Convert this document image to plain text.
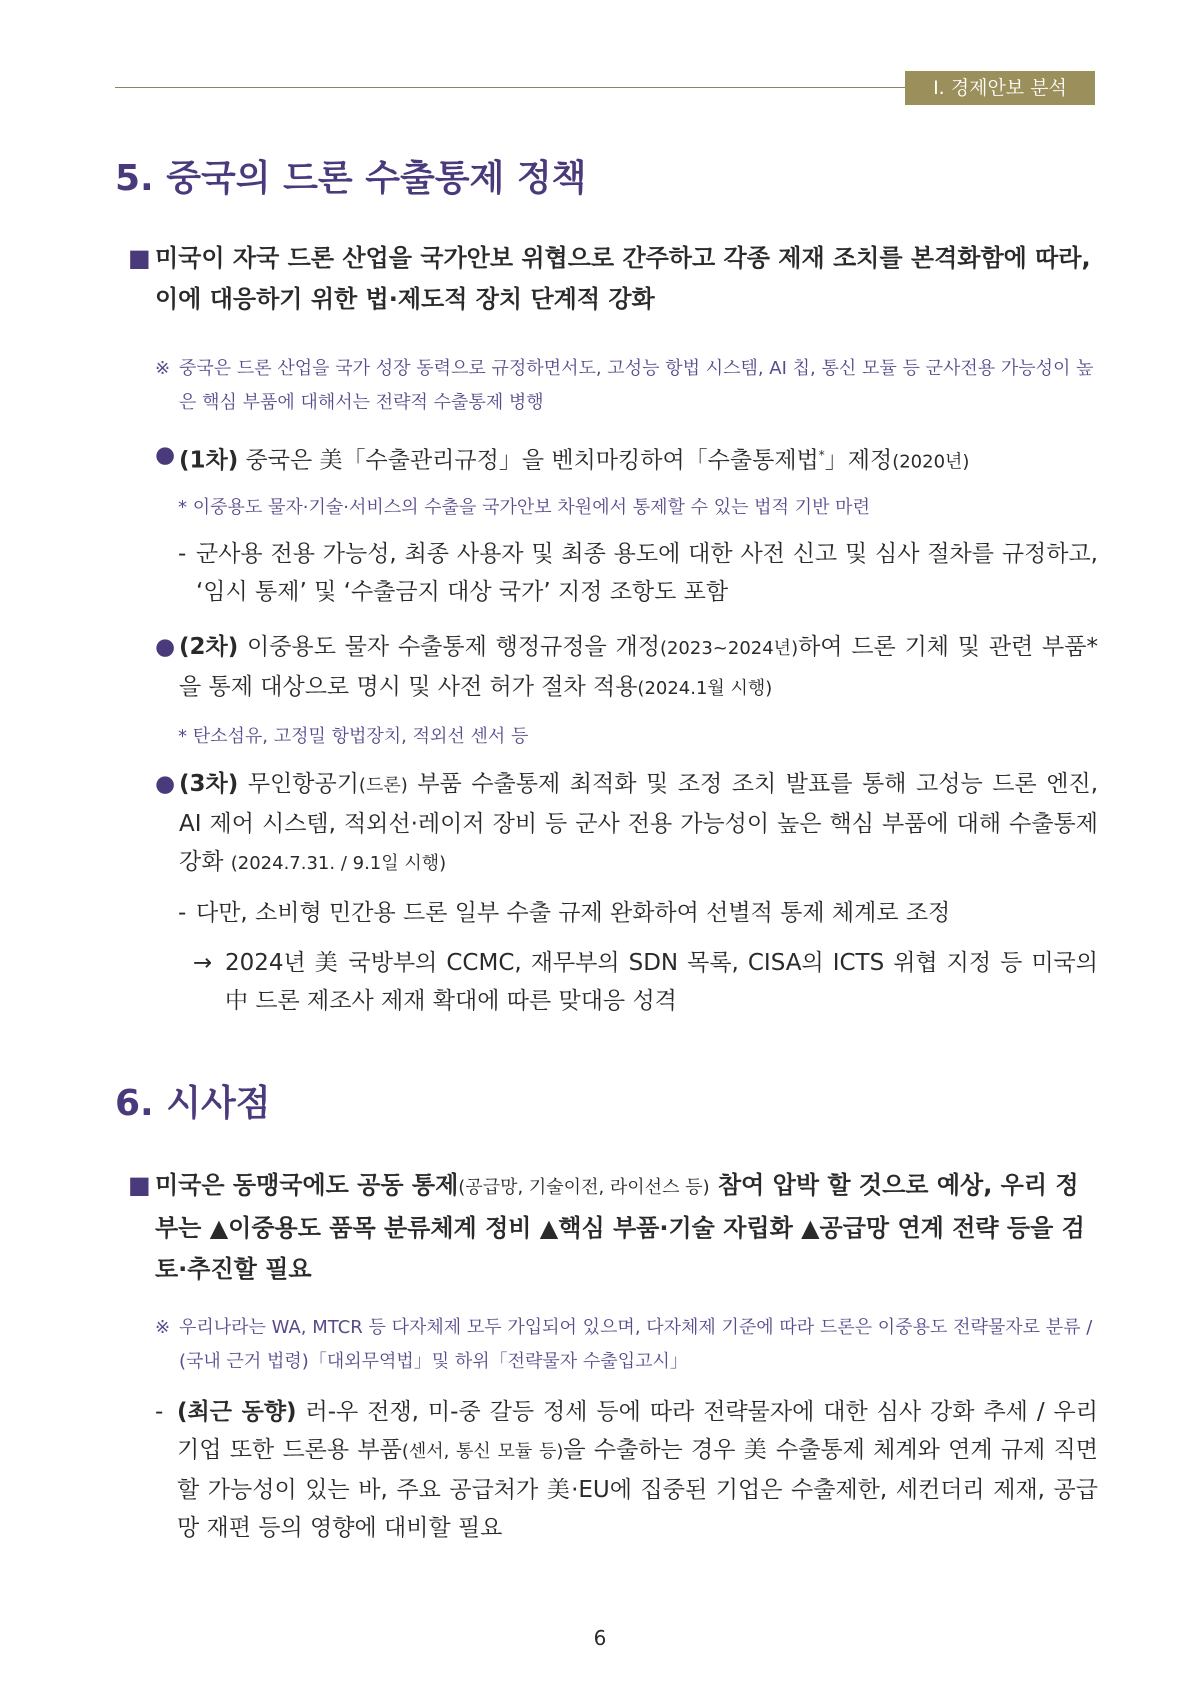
Ⅰ. 경제안보 분석
5. 중국의 드론 수출통제 정책
■ 미국이 자국 드론 산업을 국가안보 위협으로 간주하고 각종 제재 조치를 본격화함에 따라, 이에 대응하기 위한 법·제도적 장치 단계적 강화
※ 중국은 드론 산업을 국가 성장 동력으로 규정하면서도, 고성능 항법 시스템, AI 칩, 통신 모듈 등 군사전용 가능성이 높은 핵심 부품에 대해서는 전략적 수출통제 병행
● (1차) 중국은 美「수출관리규정」을 벤치마킹하여「수출통제법*」제정(2020년)
* 이중용도 물자·기술·서비스의 수출을 국가안보 차원에서 통제할 수 있는 법적 기반 마련
- 군사용 전용 가능성, 최종 사용자 및 최종 용도에 대한 사전 신고 및 심사 절차를 규정하고, ‘임시 통제’ 및 ‘수출금지 대상 국가’ 지정 조항도 포함
● (2차) 이중용도 물자 수출통제 행정규정을 개정(2023~2024년)하여 드론 기체 및 관련 부품*을 통제 대상으로 명시 및 사전 허가 절차 적용(2024.1월 시행)
* 탄소섬유, 고정밀 항법장치, 적외선 센서 등
● (3차) 무인항공기(드론) 부품 수출통제 최적화 및 조정 조치 발표를 통해 고성능 드론 엔진, AI 제어 시스템, 적외선·레이저 장비 등 군사 전용 가능성이 높은 핵심 부품에 대해 수출통제 강화 (2024.7.31. / 9.1일 시행)
- 다만, 소비형 민간용 드론 일부 수출 규제 완화하여 선별적 통제 체계로 조정
→ 2024년 美 국방부의 CCMC, 재무부의 SDN 목록, CISA의 ICTS 위협 지정 등 미국의 中 드론 제조사 제재 확대에 따른 맞대응 성격
6. 시사점
■ 미국은 동맹국에도 공동 통제(공급망, 기술이전, 라이선스 등) 참여 압박 할 것으로 예상, 우리 정부는 ▲이중용도 품목 분류체계 정비 ▲핵심 부품·기술 자립화 ▲공급망 연계 전략 등을 검토·추진할 필요
※ 우리나라는 WA, MTCR 등 다자체제 모두 가입되어 있으며, 다자체제 기준에 따라 드론은 이중용도 전략물자로 분류 / (국내 근거 법령)「대외무역법」및 하위「전략물자 수출입고시」
- (최근 동향) 러-우 전쟁, 미-중 갈등 정세 등에 따라 전략물자에 대한 심사 강화 추세 / 우리 기업 또한 드론용 부품(센서, 통신 모듈 등)을 수출하는 경우 美 수출통제 체계와 연계 규제 직면할 가능성이 있는 바, 주요 공급처가 美·EU에 집중된 기업은 수출제한, 세컨더리 제재, 공급망 재편 등의 영향에 대비할 필요
6
